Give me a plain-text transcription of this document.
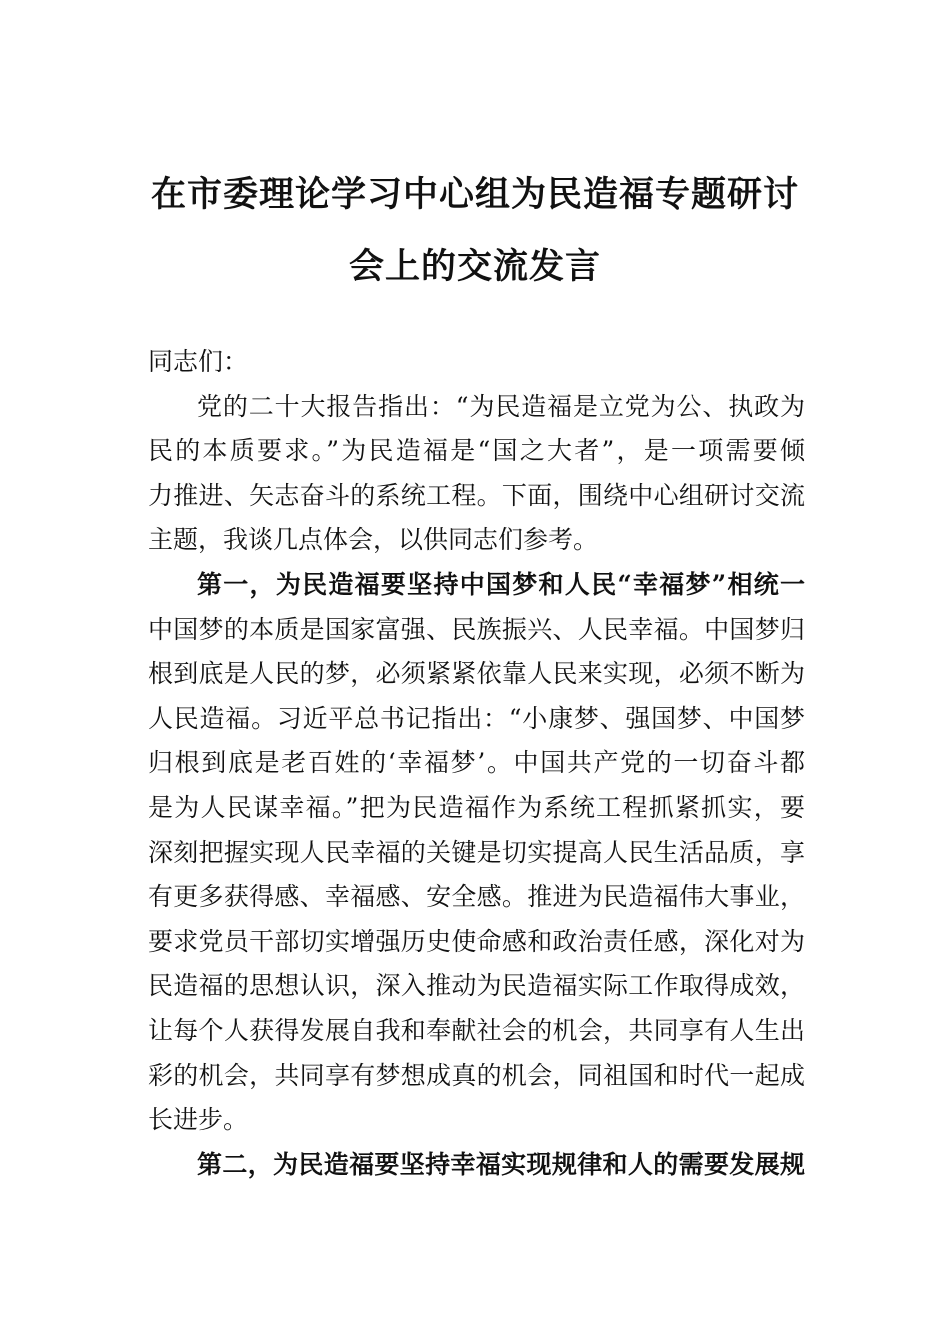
在市委理论学习中心组为民造福专题研讨
会上的交流发言
同志们：
党的二十大报告指出：“为民造福是立党为公、执政为
民的本质要求。”为民造福是“国之大者”，是一项需要倾
力推进、矢志奋斗的系统工程。下面，围绕中心组研讨交流
主题，我谈几点体会，以供同志们参考。
第一，为民造福要坚持中国梦和人民“幸福梦”相统一
中国梦的本质是国家富强、民族振兴、人民幸福。中国梦归
根到底是人民的梦，必须紧紧依靠人民来实现，必须不断为
人民造福。习近平总书记指出：“小康梦、强国梦、中国梦
归根到底是老百姓的‘幸福梦’。中国共产党的一切奋斗都
是为人民谋幸福。”把为民造福作为系统工程抓紧抓实，要
深刻把握实现人民幸福的关键是切实提高人民生活品质，享
有更多获得感、幸福感、安全感。推进为民造福伟大事业，
要求党员干部切实增强历史使命感和政治责任感，深化对为
民造福的思想认识，深入推动为民造福实际工作取得成效，
让每个人获得发展自我和奉献社会的机会，共同享有人生出
彩的机会，共同享有梦想成真的机会，同祖国和时代一起成
长进步。
第二，为民造福要坚持幸福实现规律和人的需要发展规
